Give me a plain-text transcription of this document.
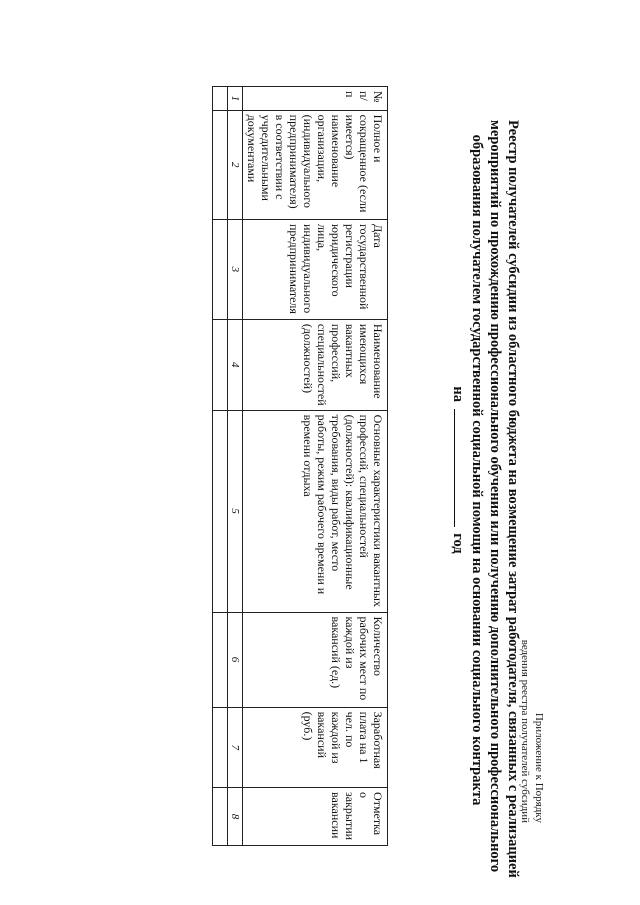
Приложение к Порядку
ведения реестра получателей субсидий
Реестр получателей субсидии из областного бюджета на возмещение затрат работодателя, связанных с реализацией
мероприятий по прохождению профессионального обучения или получению дополнительного профессионального
образования получателем государственной социальной помощи на основании социального контракта
на  год
№ п/п	Полное и сокращенное (если имеется) наименование организации, (индивидуального предпринимателя) в соответствии с учредительными документами	Дата государственной регистрации юридического лица, индивидуального предпринимателя	Наименование имеющихся вакантных профессий, специальностей (должностей)	Основные характеристики вакантных профессий, специальностей (должностей): квалификационные требования, виды работ, место работы, режим рабочего времени и времени отдыха	Количество рабочих мест по каждой из вакансий (ед.)	Заработная плата на 1 чел. по каждой из вакансий (руб.)	Отметка о закрытии вакансии
1	2	3	4	5	6	7	8
